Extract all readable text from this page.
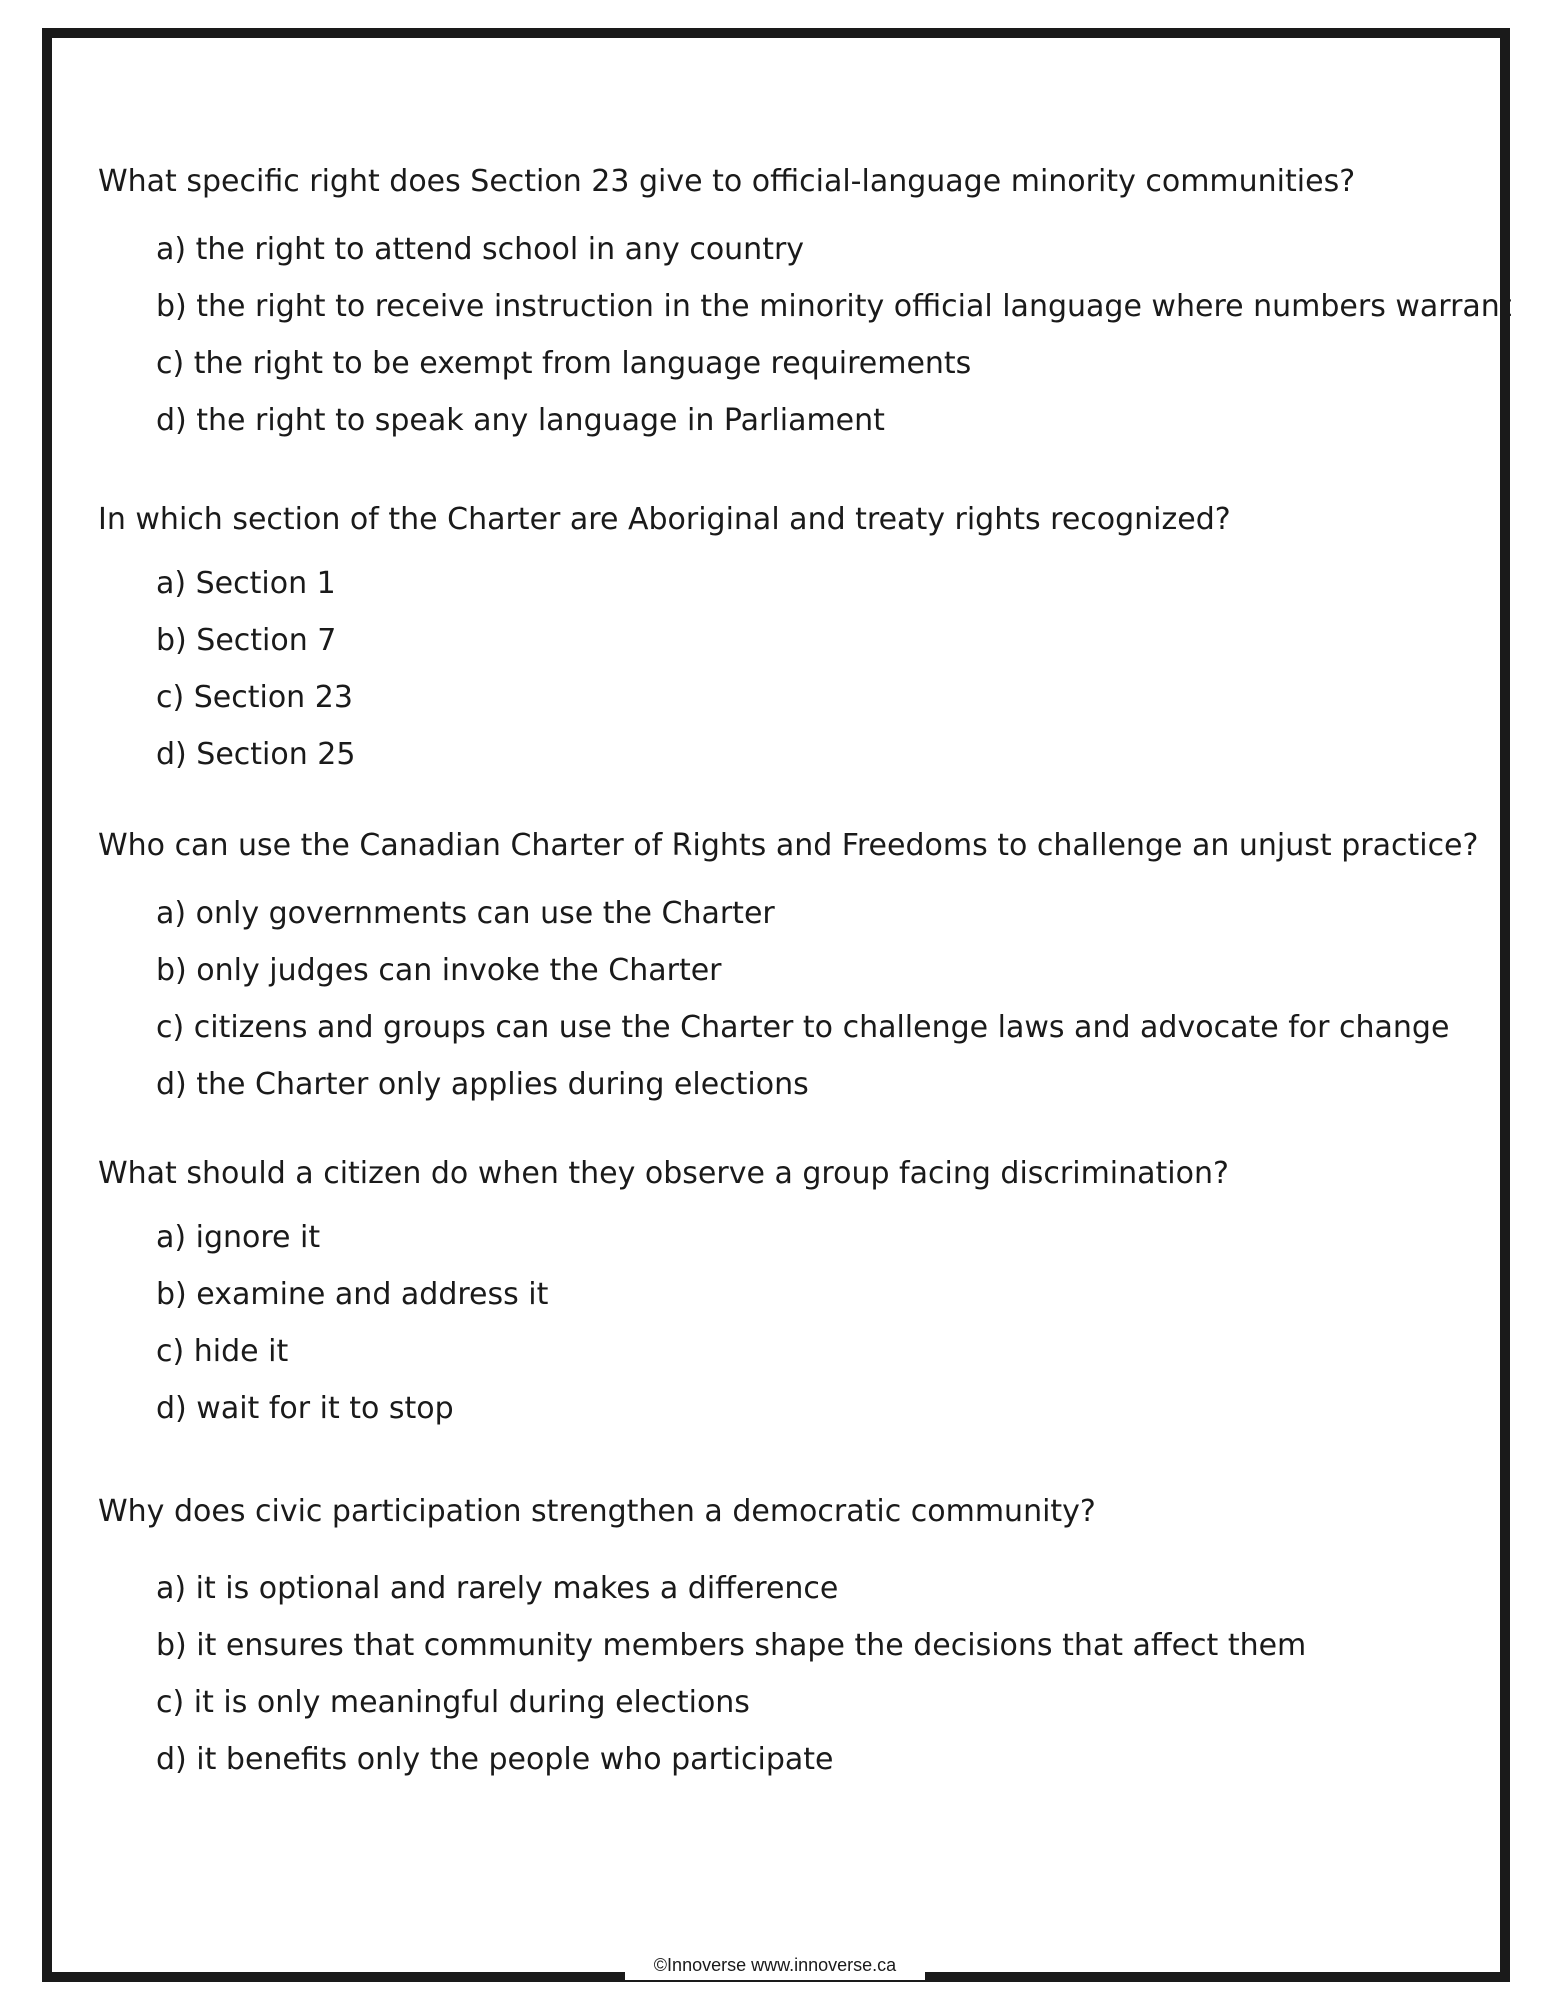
What specific right does Section 23 give to official-language minority communities?

a) the right to attend school in any country
b) the right to receive instruction in the minority official language where numbers warrant
c) the right to be exempt from language requirements
d) the right to speak any language in Parliament

In which section of the Charter are Aboriginal and treaty rights recognized?

a) Section 1
b) Section 7
c) Section 23
d) Section 25

Who can use the Canadian Charter of Rights and Freedoms to challenge an unjust practice?

a) only governments can use the Charter
b) only judges can invoke the Charter
c) citizens and groups can use the Charter to challenge laws and advocate for change
d) the Charter only applies during elections

What should a citizen do when they observe a group facing discrimination?

a) ignore it
b) examine and address it
c) hide it
d) wait for it to stop

Why does civic participation strengthen a democratic community?

a) it is optional and rarely makes a difference
b) it ensures that community members shape the decisions that affect them
c) it is only meaningful during elections
d) it benefits only the people who participate
©Innoverse www.innoverse.ca
